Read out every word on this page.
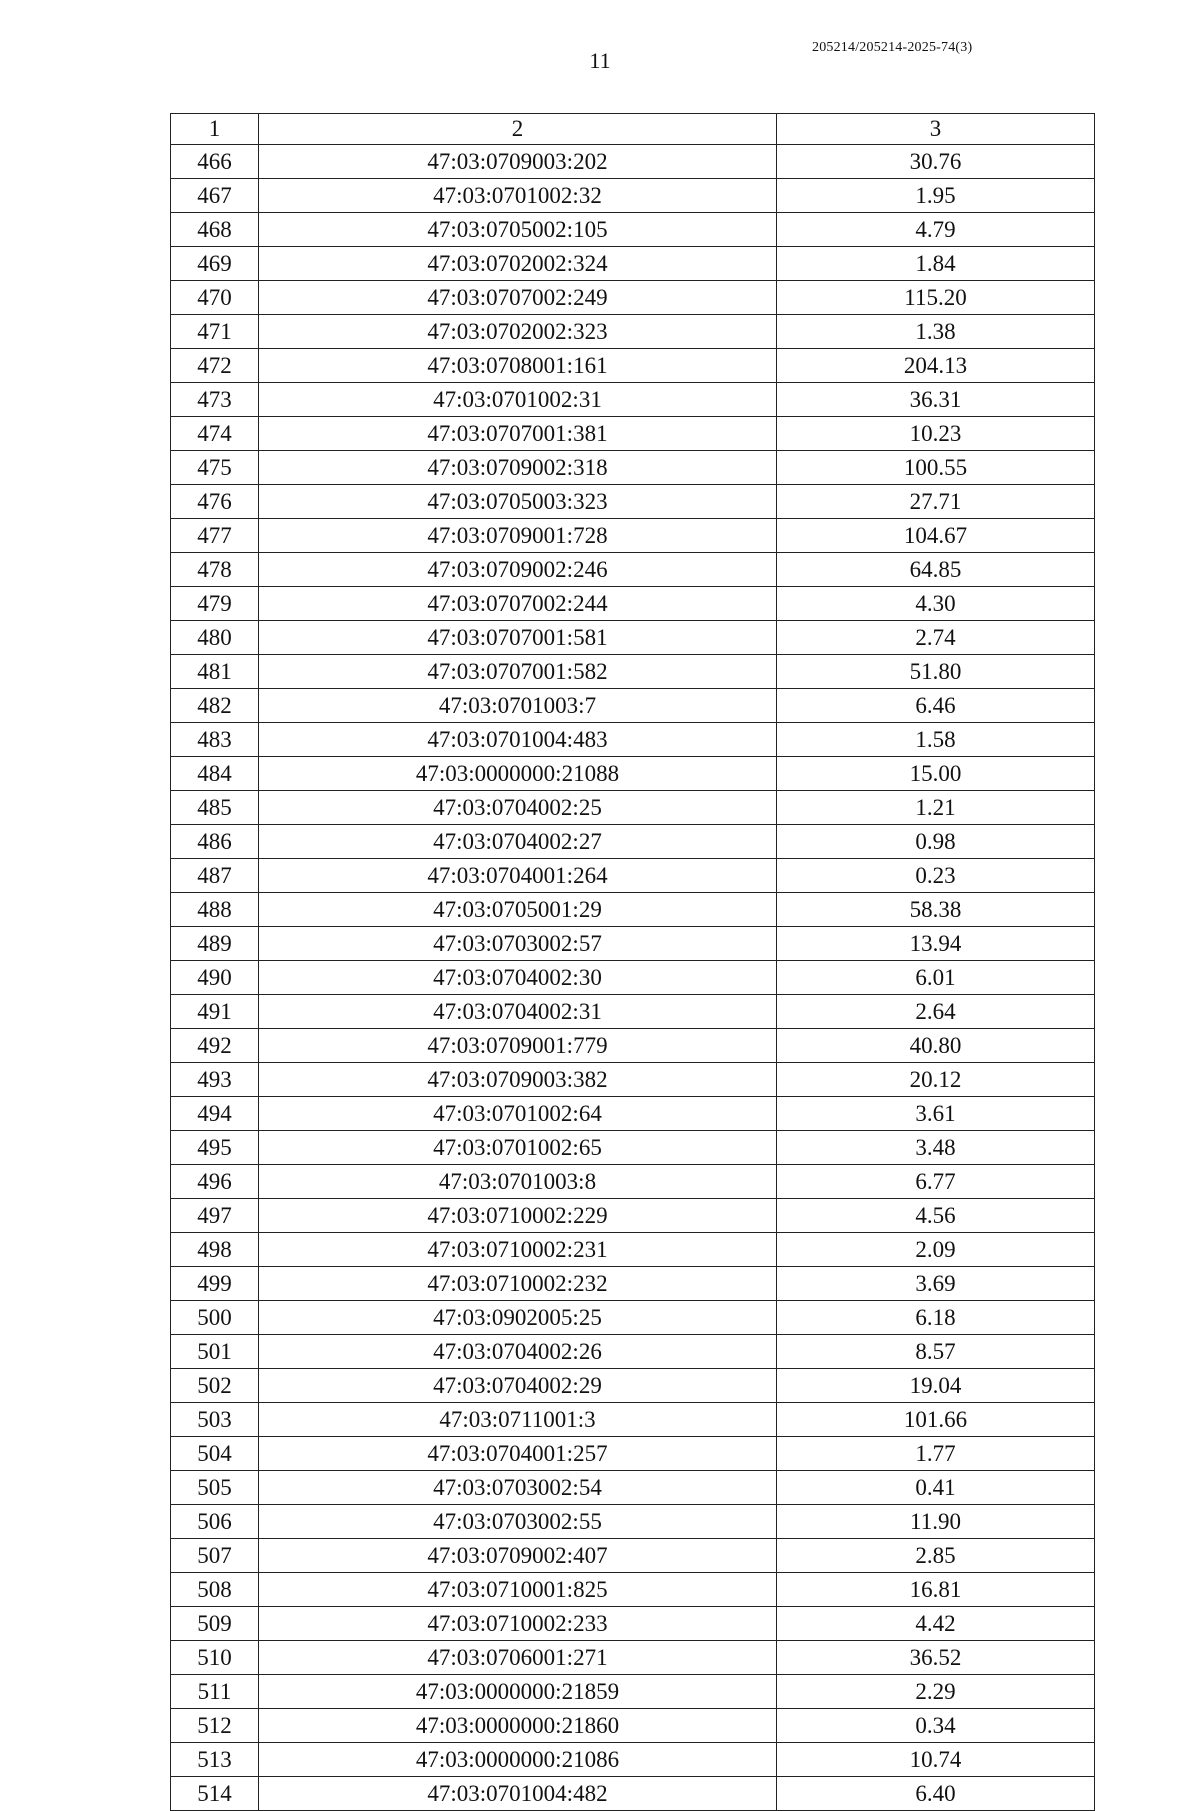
11
205214/205214-2025-74(3)
1	2	3
466	47:03:0709003:202	30.76
467	47:03:0701002:32	1.95
468	47:03:0705002:105	4.79
469	47:03:0702002:324	1.84
470	47:03:0707002:249	115.20
471	47:03:0702002:323	1.38
472	47:03:0708001:161	204.13
473	47:03:0701002:31	36.31
474	47:03:0707001:381	10.23
475	47:03:0709002:318	100.55
476	47:03:0705003:323	27.71
477	47:03:0709001:728	104.67
478	47:03:0709002:246	64.85
479	47:03:0707002:244	4.30
480	47:03:0707001:581	2.74
481	47:03:0707001:582	51.80
482	47:03:0701003:7	6.46
483	47:03:0701004:483	1.58
484	47:03:0000000:21088	15.00
485	47:03:0704002:25	1.21
486	47:03:0704002:27	0.98
487	47:03:0704001:264	0.23
488	47:03:0705001:29	58.38
489	47:03:0703002:57	13.94
490	47:03:0704002:30	6.01
491	47:03:0704002:31	2.64
492	47:03:0709001:779	40.80
493	47:03:0709003:382	20.12
494	47:03:0701002:64	3.61
495	47:03:0701002:65	3.48
496	47:03:0701003:8	6.77
497	47:03:0710002:229	4.56
498	47:03:0710002:231	2.09
499	47:03:0710002:232	3.69
500	47:03:0902005:25	6.18
501	47:03:0704002:26	8.57
502	47:03:0704002:29	19.04
503	47:03:0711001:3	101.66
504	47:03:0704001:257	1.77
505	47:03:0703002:54	0.41
506	47:03:0703002:55	11.90
507	47:03:0709002:407	2.85
508	47:03:0710001:825	16.81
509	47:03:0710002:233	4.42
510	47:03:0706001:271	36.52
511	47:03:0000000:21859	2.29
512	47:03:0000000:21860	0.34
513	47:03:0000000:21086	10.74
514	47:03:0701004:482	6.40
